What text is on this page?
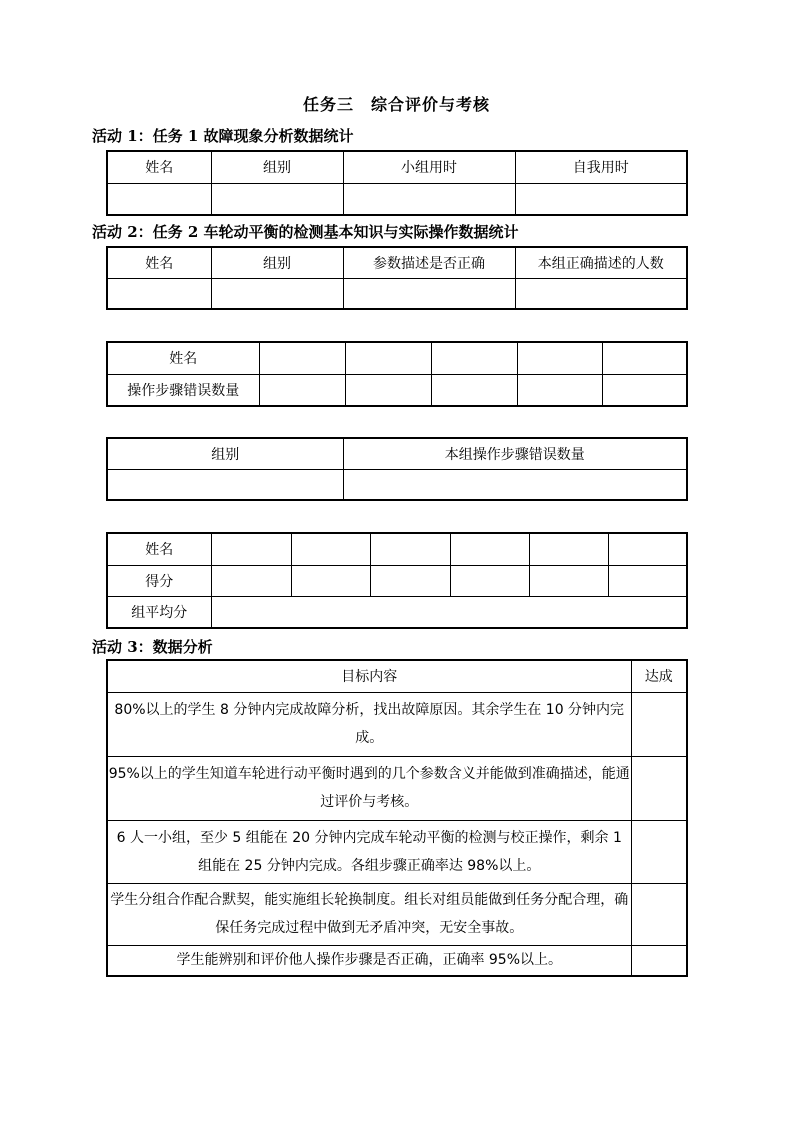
任务三　综合评价与考核
活动 1：任务 1 故障现象分析数据统计
姓名	组别	小组用时	自我用时

活动 2：任务 2 车轮动平衡的检测基本知识与实际操作数据统计
姓名	组别	参数描述是否正确	本组正确描述的人数

姓名					
操作步骤错误数量					
组别	本组操作步骤错误数量

姓名						
得分						
组平均分						
活动 3：数据分析
目标内容	达成
80%以上的学生 8 分钟内完成故障分析，找出故障原因。其余学生在 10 分钟内完成。	
95%以上的学生知道车轮进行动平衡时遇到的几个参数含义并能做到准确描述，能通过评价与考核。	
6 人一小组，至少 5 组能在 20 分钟内完成车轮动平衡的检测与校正操作，剩余 1 组能在 25 分钟内完成。各组步骤正确率达 98%以上。	
学生分组合作配合默契，能实施组长轮换制度。组长对组员能做到任务分配合理，确保任务完成过程中做到无矛盾冲突，无安全事故。	
学生能辨别和评价他人操作步骤是否正确，正确率 95%以上。	
